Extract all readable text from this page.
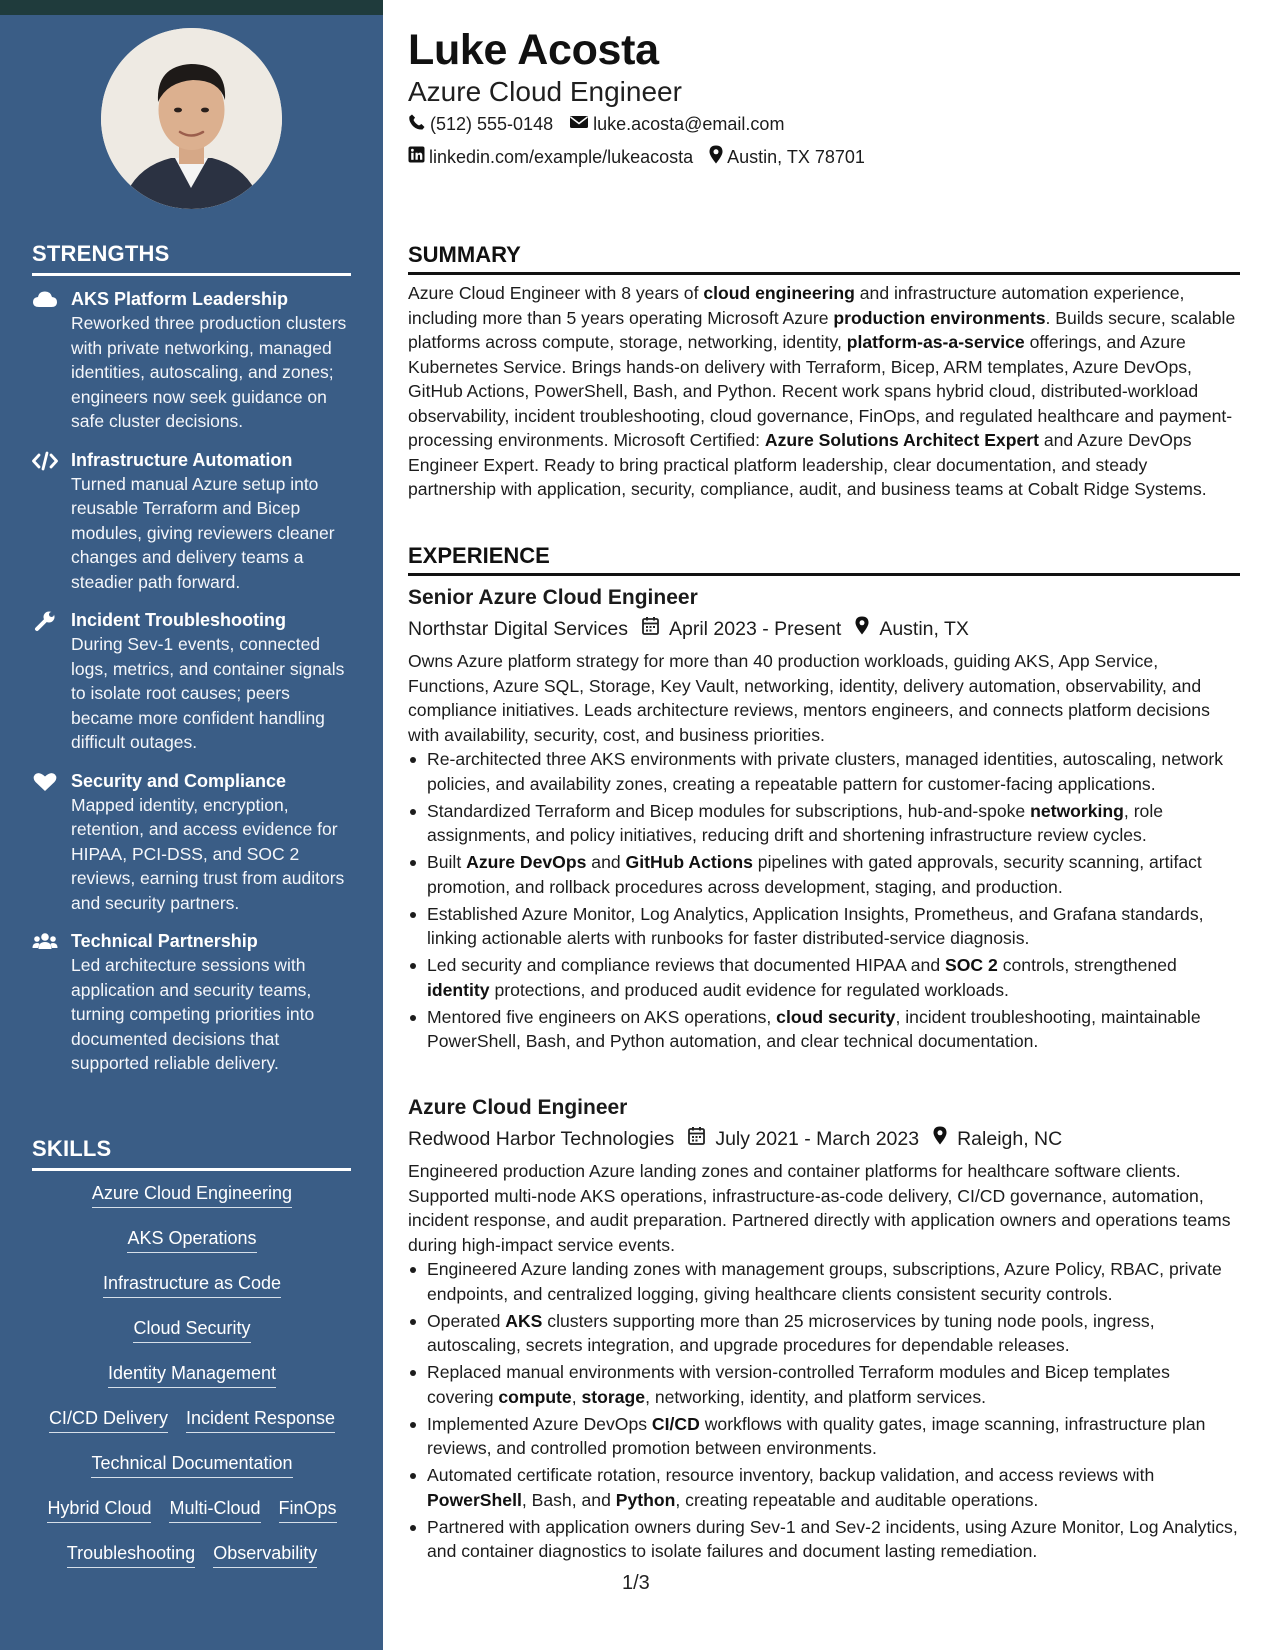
STRENGTHS
AKS Platform Leadership
Reworked three production clusters with private networking, managed identities, autoscaling, and zones; engineers now seek guidance on safe cluster decisions.
Infrastructure Automation
Turned manual Azure setup into reusable Terraform and Bicep modules, giving reviewers cleaner changes and delivery teams a steadier path forward.
Incident Troubleshooting
During Sev-1 events, connected logs, metrics, and container signals to isolate root causes; peers became more confident handling difficult outages.
Security and Compliance
Mapped identity, encryption, retention, and access evidence for HIPAA, PCI-DSS, and SOC 2 reviews, earning trust from auditors and security partners.
Technical Partnership
Led architecture sessions with application and security teams, turning competing priorities into documented decisions that supported reliable delivery.
SKILLS
Azure Cloud Engineering
AKS Operations
Infrastructure as Code
Cloud Security
Identity Management
CI/CD Delivery Incident Response
Technical Documentation
Hybrid Cloud Multi-Cloud FinOps
Troubleshooting Observability
Luke Acosta
Azure Cloud Engineer
(512) 555-0148 luke.acosta@email.com
linkedin.com/example/lukeacosta Austin, TX 78701
SUMMARY
Azure Cloud Engineer with 8 years of cloud engineering and infrastructure automation experience, including more than 5 years operating Microsoft Azure production environments. Builds secure, scalable platforms across compute, storage, networking, identity, platform-as-a-service offerings, and Azure Kubernetes Service. Brings hands-on delivery with Terraform, Bicep, ARM templates, Azure DevOps, GitHub Actions, PowerShell, Bash, and Python. Recent work spans hybrid cloud, distributed-workload observability, incident troubleshooting, cloud governance, FinOps, and regulated healthcare and payment-processing environments. Microsoft Certified: Azure Solutions Architect Expert and Azure DevOps Engineer Expert. Ready to bring practical platform leadership, clear documentation, and steady partnership with application, security, compliance, audit, and business teams at Cobalt Ridge Systems.
EXPERIENCE
Senior Azure Cloud Engineer
Northstar Digital Services April 2023 - Present Austin, TX
Owns Azure platform strategy for more than 40 production workloads, guiding AKS, App Service, Functions, Azure SQL, Storage, Key Vault, networking, identity, delivery automation, observability, and compliance initiatives. Leads architecture reviews, mentors engineers, and connects platform decisions with availability, security, cost, and business priorities.
Re-architected three AKS environments with private clusters, managed identities, autoscaling, network policies, and availability zones, creating a repeatable pattern for customer-facing applications.
Standardized Terraform and Bicep modules for subscriptions, hub-and-spoke networking, role assignments, and policy initiatives, reducing drift and shortening infrastructure review cycles.
Built Azure DevOps and GitHub Actions pipelines with gated approvals, security scanning, artifact promotion, and rollback procedures across development, staging, and production.
Established Azure Monitor, Log Analytics, Application Insights, Prometheus, and Grafana standards, linking actionable alerts with runbooks for faster distributed-service diagnosis.
Led security and compliance reviews that documented HIPAA and SOC 2 controls, strengthened identity protections, and produced audit evidence for regulated workloads.
Mentored five engineers on AKS operations, cloud security, incident troubleshooting, maintainable PowerShell, Bash, and Python automation, and clear technical documentation.
Azure Cloud Engineer
Redwood Harbor Technologies July 2021 - March 2023 Raleigh, NC
Engineered production Azure landing zones and container platforms for healthcare software clients. Supported multi-node AKS operations, infrastructure-as-code delivery, CI/CD governance, automation, incident response, and audit preparation. Partnered directly with application owners and operations teams during high-impact service events.
Engineered Azure landing zones with management groups, subscriptions, Azure Policy, RBAC, private endpoints, and centralized logging, giving healthcare clients consistent security controls.
Operated AKS clusters supporting more than 25 microservices by tuning node pools, ingress, autoscaling, secrets integration, and upgrade procedures for dependable releases.
Replaced manual environments with version-controlled Terraform modules and Bicep templates covering compute, storage, networking, identity, and platform services.
Implemented Azure DevOps CI/CD workflows with quality gates, image scanning, infrastructure plan reviews, and controlled promotion between environments.
Automated certificate rotation, resource inventory, backup validation, and access reviews with PowerShell, Bash, and Python, creating repeatable and auditable operations.
Partnered with application owners during Sev-1 and Sev-2 incidents, using Azure Monitor, Log Analytics, and container diagnostics to isolate failures and document lasting remediation.
1/3
